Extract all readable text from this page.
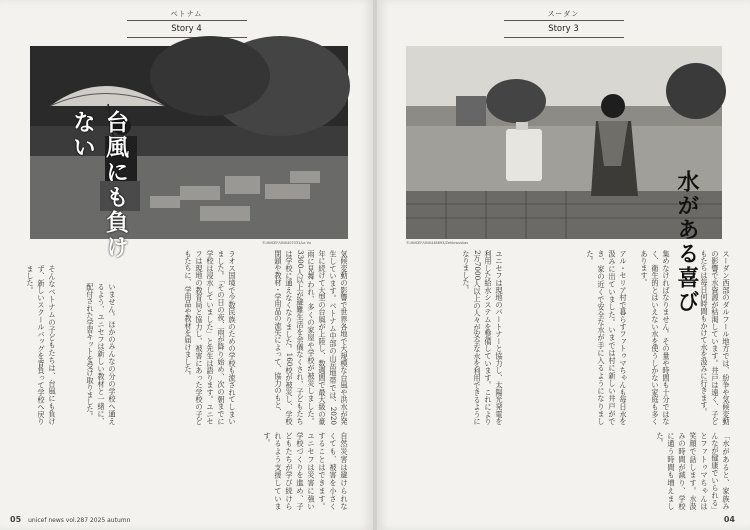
ベトナム
Story 4
©UNICEF/UN0407031/Le Vu
台風にも負けない
気候変動の影響で世界各地で大規模な台風や洪水が発生しています。ベトナム中部の山岳地帯では、2020年に続けて大型の台風が上陸し、数週間で最大級の豪雨に見舞われ、多くの家屋や学校が被災しました。3300人以上が避難生活を余儀なくされ、子どもたちは学校に通えなくなりました。160校が被災し、学校閉鎖や教材・学用品の流失によって、協力のもと、
ラオス国境で少数民族のための学校も流されてしまいました。「その日の夜、雨が降り始め、次の朝までに学校は浸水していました」と先生は語ります。ユニセフは現地の教育局と協力し、被害にあった学校の子どもたちに、学用品や教材を届けました。
いません。ほかのみんなの分の学校へ通えるよう、ユニセフは新しい教材と一緒に、配付された学習キットを受け取りました。
そんなベトナムの子どもたちは、台風にも負けず、新しいスクールバッグを背負って学校へ戻りました。
自然災害は避けられなくても、被害を小さくすることはできます。ユニセフは災害に強い学校づくりを進め、子どもたちが学び続けられるよう支援しています。
05 unicef news vol.287 2025 autumn
スーダン
Story 3
©UNICEF/UN0448893/Zehbrauskas	水がある喜び
スーダン西部のダルフール地方では、紛争や気候変動の影響で水資源が枯渇しています。井戸は遠く、子どもたちは毎日何時間もかけて水を汲みに行きます。
集めなければなりません。その量や時間も十分ではなく、衛生的とはいえない水を使うしかない家庭も多くあります。
アル・セリア村で暮らすファトゥマちゃんも毎日水を汲みに出ていました。いまでは村に新しい井戸ができ、家の近くで安全な水が手に入るようになりました。
ユニセフは現地のパートナーと協力し、太陽光発電を利用した給水システムを整備しています。これにより2万7000人以上の人々が安全な水を利用できるようになりました。
「水があると、家族みんなが健康でいられる」とファトゥマちゃんは笑顔で話します。水汲みの時間が減り、学校に通う時間も増えました。
04
